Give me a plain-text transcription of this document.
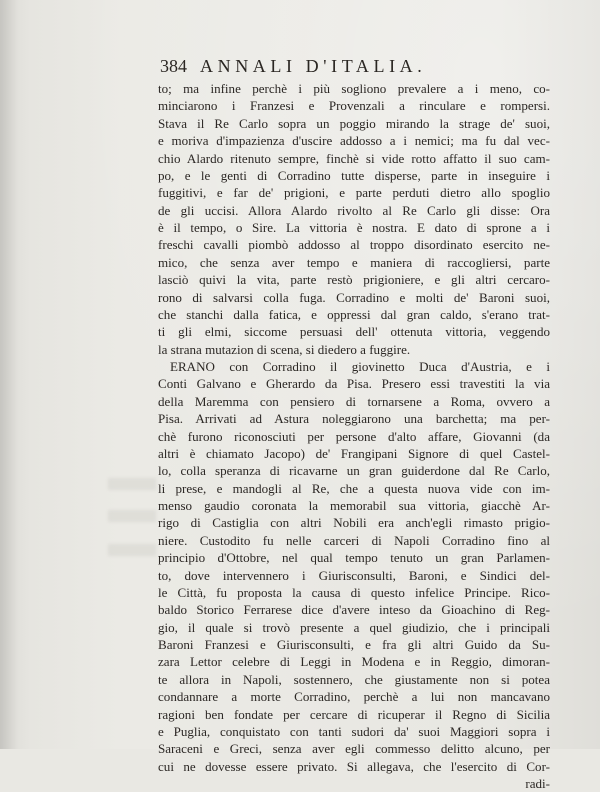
384 ANNALI D'ITALIA.
to; ma infine perchè i più sogliono prevalere a i meno, co-
minciarono i Franzesi e Provenzali a rinculare e rompersi.
Stava il Re Carlo sopra un poggio mirando la strage de' suoi,
e moriva d'impazienza d'uscire addosso a i nemici; ma fu dal vec-
chio Alardo ritenuto sempre, finchè si vide rotto affatto il suo cam-
po, e le genti di Corradino tutte disperse, parte in inseguire i
fuggitivi, e far de' prigioni, e parte perduti dietro allo spoglio
de gli uccisi. Allora Alardo rivolto al Re Carlo gli disse: Ora
è il tempo, o Sire. La vittoria è nostra. E dato di sprone a i
freschi cavalli piombò addosso al troppo disordinato esercito ne-
mico, che senza aver tempo e maniera di raccogliersi, parte
lasciò quivi la vita, parte restò prigioniere, e gli altri cercaro-
rono di salvarsi colla fuga. Corradino e molti de' Baroni suoi,
che stanchi dalla fatica, e oppressi dal gran caldo, s'erano trat-
ti gli elmi, siccome persuasi dell' ottenuta vittoria, veggendo
la strana mutazion di scena, si diedero a fuggire.
ERANO con Corradino il giovinetto Duca d'Austria, e i
Conti Galvano e Gherardo da Pisa. Presero essi travestiti la via
della Maremma con pensiero di tornarsene a Roma, ovvero a
Pisa. Arrivati ad Astura noleggiarono una barchetta; ma per-
chè furono riconosciuti per persone d'alto affare, Giovanni (da
altri è chiamato Jacopo) de' Frangipani Signore di quel Castel-
lo, colla speranza di ricavarne un gran guiderdone dal Re Carlo,
li prese, e mandogli al Re, che a questa nuova vide con im-
menso gaudio coronata la memorabil sua vittoria, giacchè Ar-
rigo di Castiglia con altri Nobili era anch'egli rimasto prigio-
niere. Custodito fu nelle carceri di Napoli Corradino fino al
principio d'Ottobre, nel qual tempo tenuto un gran Parlamen-
to, dove intervennero i Giurisconsulti, Baroni, e Sindici del-
le Città, fu proposta la causa di questo infelice Principe. Rico-
baldo Storico Ferrarese dice d'avere inteso da Gioachino di Reg-
gio, il quale si trovò presente a quel giudizio, che i principali
Baroni Franzesi e Giurisconsulti, e fra gli altri Guido da Su-
zara Lettor celebre di Leggi in Modena e in Reggio, dimoran-
te allora in Napoli, sostennero, che giustamente non si potea
condannare a morte Corradino, perchè a lui non mancavano
ragioni ben fondate per cercare di ricuperar il Regno di Sicilia
e Puglia, conquistato con tanti sudori da' suoi Maggiori sopra i
Saraceni e Greci, senza aver egli commesso delitto alcuno, per
cui ne dovesse essere privato. Si allegava, che l'esercito di Cor-
radi-
